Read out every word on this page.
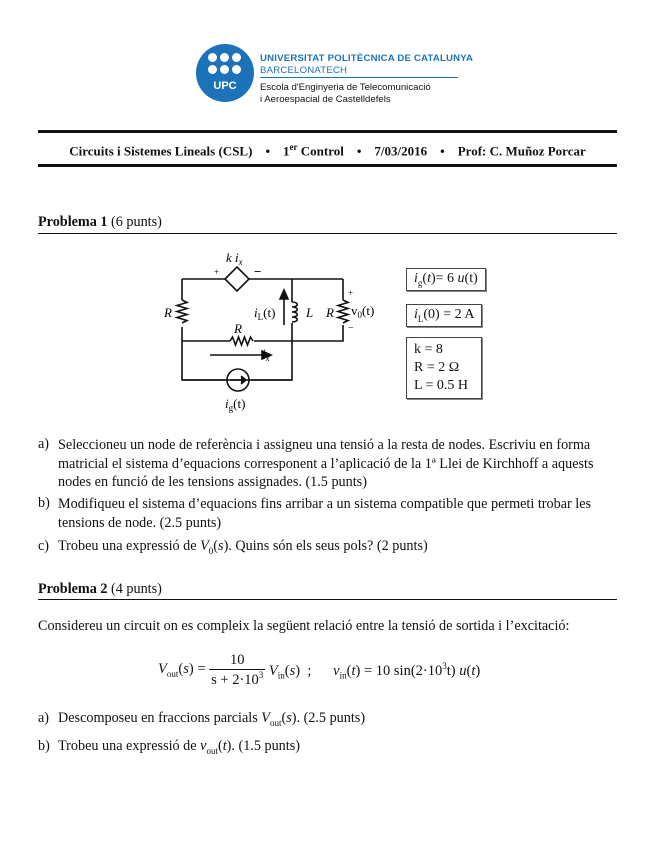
UPC
UNIVERSITAT POLITÈCNICA DE CATALUNYA
BARCELONATECH
Escola d'Enginyeria de Telecomunicació
i Aeroespacial de Castelldefels
Circuits i Sistemes Lineals (CSL) • 1er Control • 7/03/2016 • Prof: C. Muñoz Porcar
Problema 1 (6 punts)
k $i_x$
+	−
R
R
R
$i_L(t)$ L
+
−
$v_0(t)$
$i_x$
$i_g(t)$
$i_g(t)= 6$ u(t)
$i_L(0) = 2$ A
k = 8
R = 2 Ω
L = 0.5 H
a) Seleccioneu un node de referència i assigneu una tensió a la resta de nodes. Escriviu en forma
matricial el sistema d’equacions corresponent a l’aplicació de la 1ª Llei de Kirchhoff a aquests
nodes en funció de les tensions assignades. (1.5 punts)
b) Modifiqueu el sistema d’equacions fins arribar a un sistema compatible que permeti trobar les
tensions de node. (2.5 punts)
c) Trobeu una expressió de $V_0(s)$. Quins són els seus pols? (2 punts)
Problema 2 (4 punts)
Considereu un circuit on es compleix la següent relació entre la tensió de sortida i l’excitació:
$V_{out}(s) = \frac{10}{s + 2\cdot 10^3} V_{in}(s)$  ; $v_{in}(t) = 10$ $\sin(2\cdot 10^3t)$ u(t)
a) Descomposeu en fraccions parcials $V_{out}(s)$. (2.5 punts)
b) Trobeu una expressió de $v_{out}(t)$. (1.5 punts)
